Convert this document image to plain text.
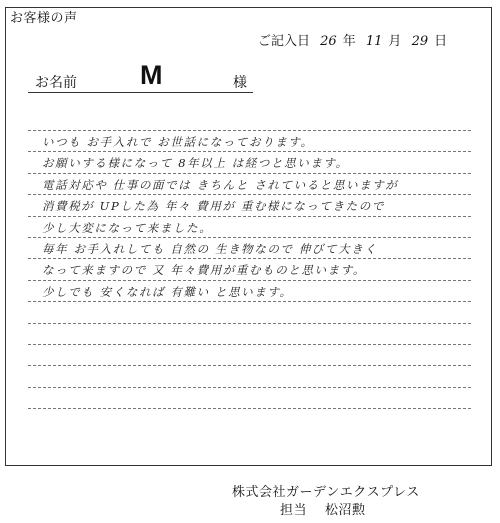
お客様の声
ご記入日 26 年 11 月 29 日
お名前 M	様
いつも お手入れで お世話になっております。
お願いする様になって 8年以上 は経つと思います。
電話対応や 仕事の面では きちんと されていると思いますが
消費税が UPした為 年々 費用が 重む様になってきたので
少し大変になって来ました。
毎年 お手入れしても 自然の 生き物なので 伸びて大きく
なって来ますので 又 年々費用が重むものと思います。
少しでも 安くなれば 有難い と思います。
株式会社ガーデンエクスプレス
担当 松沼勲
